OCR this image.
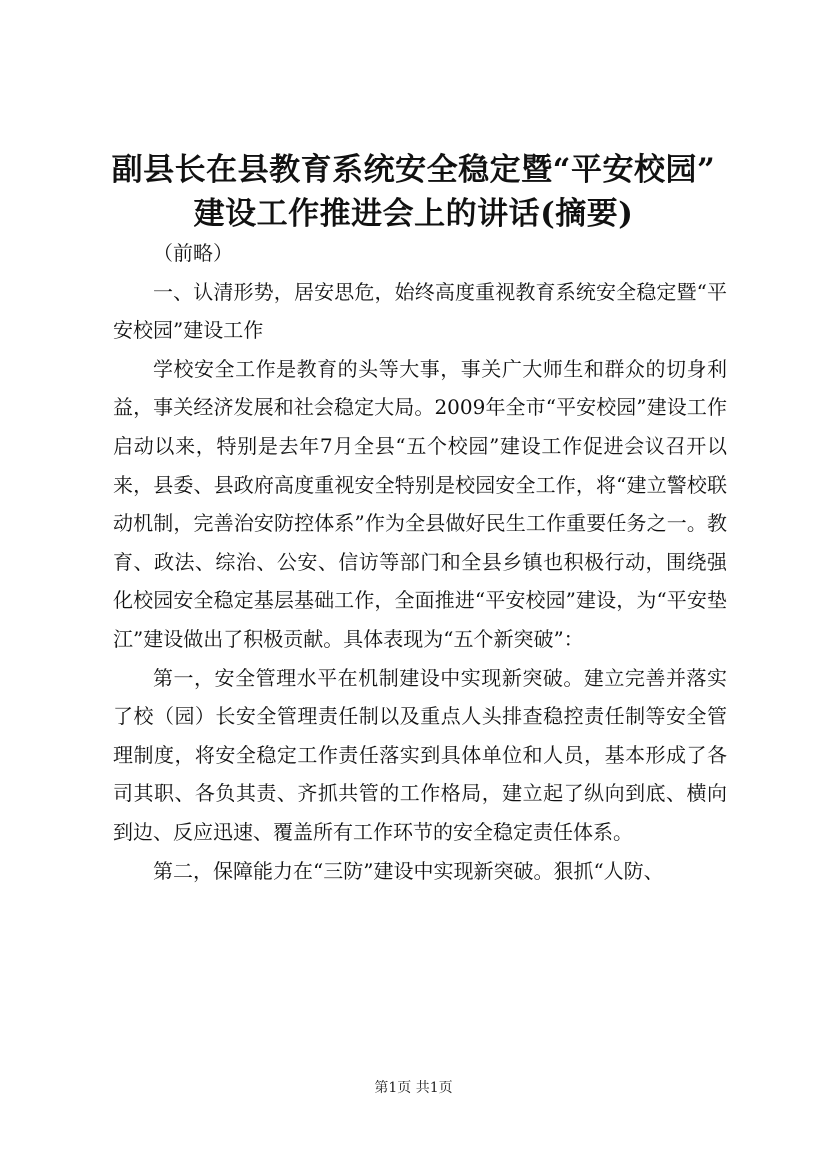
副县长在县教育系统安全稳定暨“平安校园”
建设工作推进会上的讲话(摘要)

（前略）

一、认清形势，居安思危，始终高度重视教育系统安全稳定暨“平安校园”建设工作

学校安全工作是教育的头等大事，事关广大师生和群众的切身利益，事关经济发展和社会稳定大局。2009年全市“平安校园”建设工作启动以来，特别是去年7月全县“五个校园”建设工作促进会议召开以来，县委、县政府高度重视安全特别是校园安全工作，将“建立警校联动机制，完善治安防控体系”作为全县做好民生工作重要任务之一。教育、政法、综治、公安、信访等部门和全县乡镇也积极行动，围绕强化校园安全稳定基层基础工作，全面推进“平安校园”建设，为“平安垫江”建设做出了积极贡献。具体表现为“五个新突破”：

第一，安全管理水平在机制建设中实现新突破。建立完善并落实了校（园）长安全管理责任制以及重点人头排查稳控责任制等安全管理制度，将安全稳定工作责任落实到具体单位和人员，基本形成了各司其职、各负其责、齐抓共管的工作格局，建立起了纵向到底、横向到边、反应迅速、覆盖所有工作环节的安全稳定责任体系。

第二，保障能力在“三防”建设中实现新突破。狠抓“人防、

第1页 共1页
